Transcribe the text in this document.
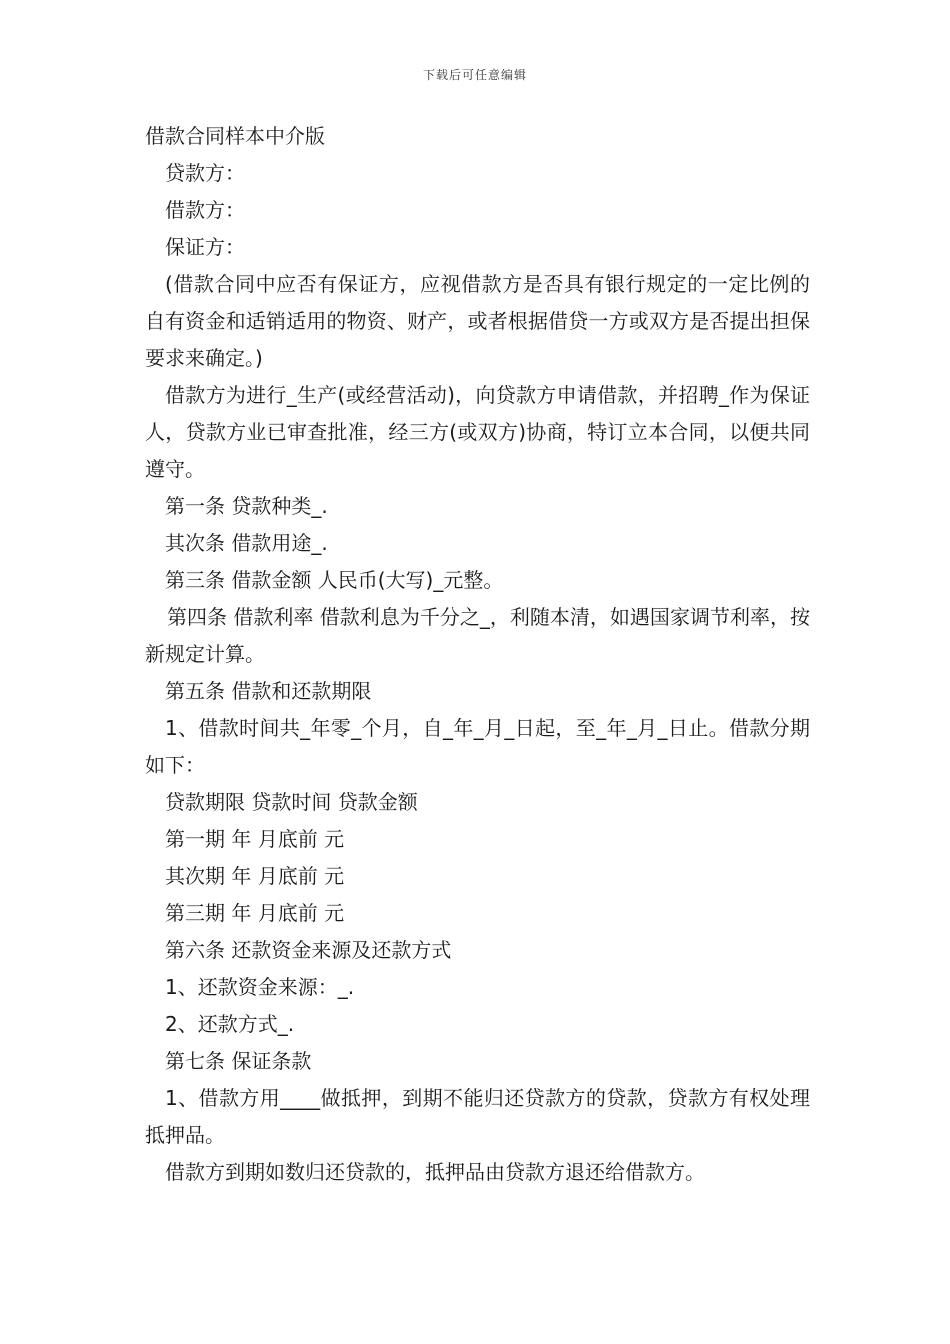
下载后可任意编辑

借款合同样本中介版

贷款方：

借款方：

保证方：

(借款合同中应否有保证方，应视借款方是否具有银行规定的一定比例的自有资金和适销适用的物资、财产，或者根据借贷一方或双方是否提出担保要求来确定。)

借款方为进行_生产(或经营活动)，向贷款方申请借款，并招聘_作为保证人，贷款方业已审查批准，经三方(或双方)协商，特订立本合同，以便共同遵守。

第一条 贷款种类_.

其次条 借款用途_.

第三条 借款金额 人民币(大写)_元整。

第四条 借款利率 借款利息为千分之_，利随本清，如遇国家调节利率，按新规定计算。

第五条 借款和还款期限

1、借款时间共_年零_个月，自_年_月_日起，至_年_月_日止。借款分期如下：

贷款期限 贷款时间 贷款金额

第一期 年 月底前 元

其次期 年 月底前 元

第三期 年 月底前 元

第六条 还款资金来源及还款方式

1、还款资金来源：_.

2、还款方式_.

第七条 保证条款

1、借款方用____做抵押，到期不能归还贷款方的贷款，贷款方有权处理抵押品。

借款方到期如数归还贷款的，抵押品由贷款方退还给借款方。
